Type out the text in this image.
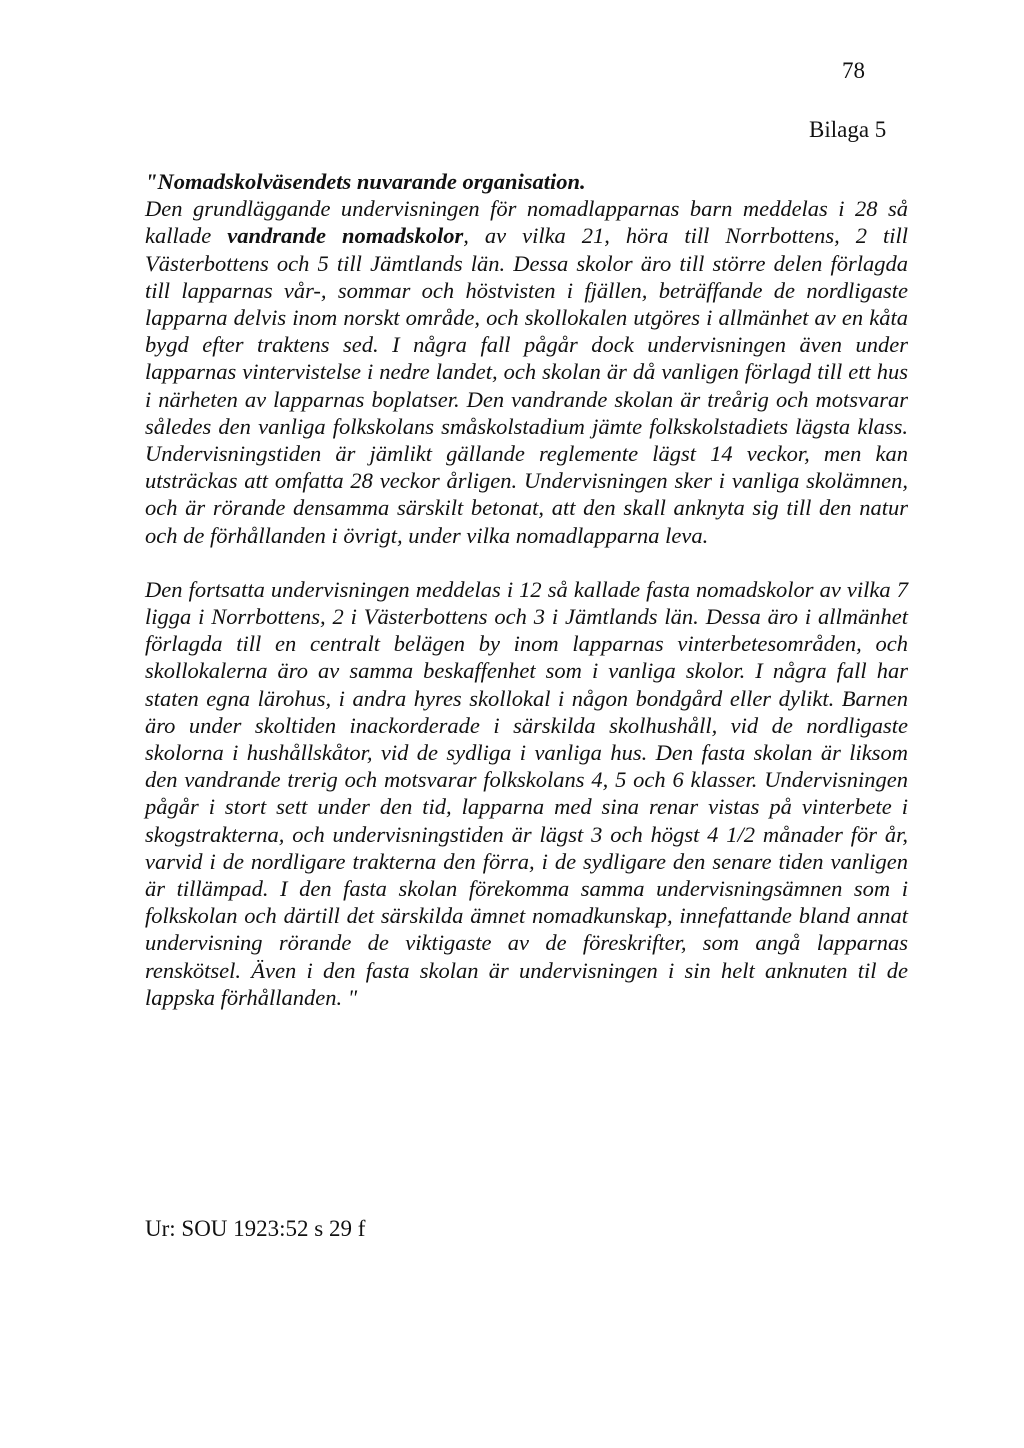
78
Bilaga 5

"Nomadskolväsendets nuvarande organisation.
Den grundläggande undervisningen för nomadlapparnas barn meddelas i 28 så kallade vandrande nomadskolor, av vilka 21, höra till Norrbottens, 2 till Västerbottens och 5 till Jämtlands län. Dessa skolor äro till större delen förlagda till lapparnas vår-, sommar och höstvisten i fjällen, beträffande de nordligaste lapparna delvis inom norskt område, och skollokalen utgöres i allmänhet av en kåta bygd efter traktens sed. I några fall pågår dock undervisningen även under lapparnas vintervistelse i nedre landet, och skolan är då vanligen förlagd till ett hus i närheten av lapparnas boplatser. Den vandrande skolan är treårig och motsvarar således den vanliga folkskolans småskolstadium jämte folkskolstadiets lägsta klass. Undervisningstiden är jämlikt gällande reglemente lägst 14 veckor, men kan utsträckas att omfatta 28 veckor årligen. Undervisningen sker i vanliga skolämnen, och är rörande densamma särskilt betonat, att den skall anknyta sig till den natur och de förhållanden i övrigt, under vilka nomadlapparna leva.

Den fortsatta undervisningen meddelas i 12 så kallade fasta nomadskolor av vilka 7 ligga i Norrbottens, 2 i Västerbottens och 3 i Jämtlands län. Dessa äro i allmänhet förlagda till en centralt belägen by inom lapparnas vinterbetesområden, och skollokalerna äro av samma beskaffenhet som i vanliga skolor. I några fall har staten egna lärohus, i andra hyres skollokal i någon bondgård eller dylikt. Barnen äro under skoltiden inackorderade i särskilda skolhushåll, vid de nordligaste skolorna i hushållskåtor, vid de sydliga i vanliga hus. Den fasta skolan är liksom den vandrande trerig och motsvarar folkskolans 4, 5 och 6 klasser. Undervisningen pågår i stort sett under den tid, lapparna med sina renar vistas på vinterbete i skogstrakterna, och undervisningstiden är lägst 3 och högst 4 1/2 månader för år, varvid i de nordligare trakterna den förra, i de sydligare den senare tiden vanligen är tillämpad. I den fasta skolan förekomma samma undervisningsämnen som i folkskolan och därtill det särskilda ämnet nomadkunskap, innefattande bland annat undervisning rörande de viktigaste av de föreskrifter, som angå lapparnas renskötsel. Även i den fasta skolan är undervisningen i sin helt anknuten til de lappska förhållanden. "

Ur: SOU 1923:52 s 29 f
